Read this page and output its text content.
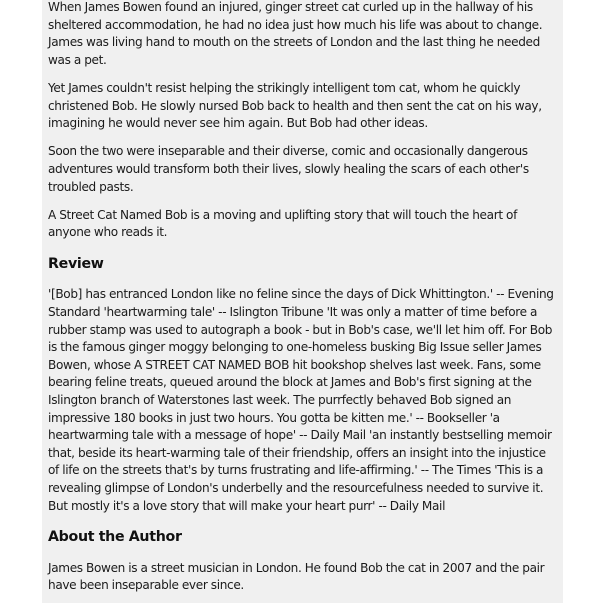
When James Bowen found an injured, ginger street cat curled up in the hallway of his sheltered accommodation, he had no idea just how much his life was about to change. James was living hand to mouth on the streets of London and the last thing he needed was a pet.

Yet James couldn't resist helping the strikingly intelligent tom cat, whom he quickly christened Bob. He slowly nursed Bob back to health and then sent the cat on his way, imagining he would never see him again. But Bob had other ideas.

Soon the two were inseparable and their diverse, comic and occasionally dangerous adventures would transform both their lives, slowly healing the scars of each other's troubled pasts.

A Street Cat Named Bob is a moving and uplifting story that will touch the heart of anyone who reads it.

Review

'[Bob] has entranced London like no feline since the days of Dick Whittington.' -- Evening Standard 'heartwarming tale' -- Islington Tribune 'It was only a matter of time before a rubber stamp was used to autograph a book - but in Bob's case, we'll let him off. For Bob is the famous ginger moggy belonging to one-homeless busking Big Issue seller James Bowen, whose A STREET CAT NAMED BOB hit bookshop shelves last week. Fans, some bearing feline treats, queued around the block at James and Bob's first signing at the Islington branch of Waterstones last week. The purrfectly behaved Bob signed an impressive 180 books in just two hours. You gotta be kitten me.' -- Bookseller 'a heartwarming tale with a message of hope' -- Daily Mail 'an instantly bestselling memoir that, beside its heart-warming tale of their friendship, offers an insight into the injustice of life on the streets that's by turns frustrating and life-affirming.' -- The Times 'This is a revealing glimpse of London's underbelly and the resourcefulness needed to survive it. But mostly it's a love story that will make your heart purr' -- Daily Mail

About the Author

James Bowen is a street musician in London. He found Bob the cat in 2007 and the pair have been inseparable ever since.
